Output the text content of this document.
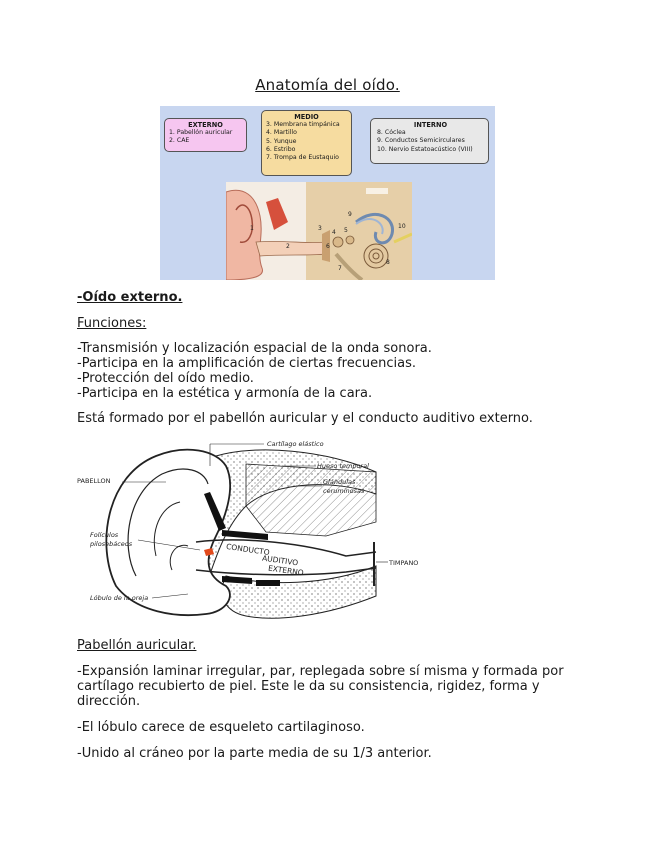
Anatomía del oído.
EXTERNO
1. Pabellón auricular
2. CAE
MEDIO
3. Membrana timpánica
4. Martillo
5. Yunque
6. Estribo
7. Trompa de Eustaquio
INTERNO
8. Cóclea
9. Conductos Semicirculares
10. Nervio Estatoacústico (VIII)
1
2
3
4 5
6
7
8
9
10
-Oído externo.
Funciones:
-Transmisión y localización espacial de la onda sonora.
-Participa en la amplificación de ciertas frecuencias.
-Protección del oído medio.
-Participa en la estética y armonía de la cara.
Está formado por el pabellón auricular y el conducto auditivo externo.
Cartílago elástico
Hueso temporal
Glándulas
ceruminosas
PABELLON
Folículos
pilosebáceos	CONDUCTO
AUDITIVO
EXTERNO
TIMPANO
Lóbulo de la oreja
Pabellón auricular.
-Expansión laminar irregular, par, replegada sobre sí misma y formada por cartílago recubierto de piel. Este le da su consistencia, rigidez, forma y dirección.
-El lóbulo carece de esqueleto cartilaginoso.
-Unido al cráneo por la parte media de su 1/3 anterior.
